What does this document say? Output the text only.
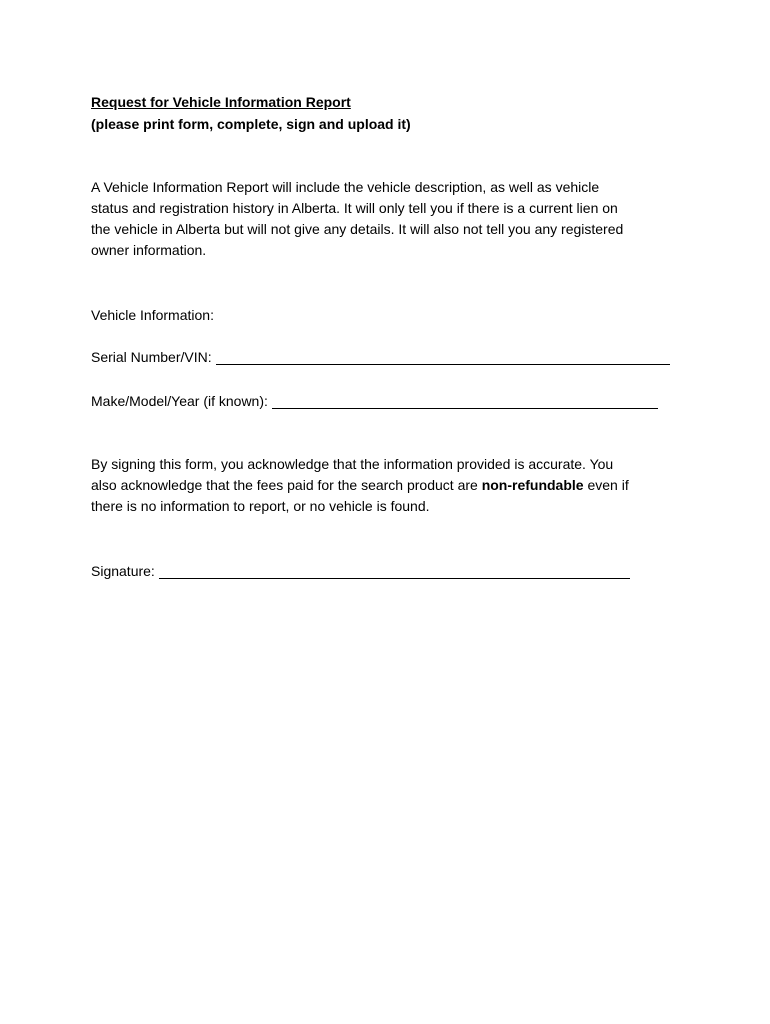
Request for Vehicle Information Report
(please print form, complete, sign and upload it)
A Vehicle Information Report will include the vehicle description, as well as vehicle
status and registration history in Alberta. It will only tell you if there is a current lien on
the vehicle in Alberta but will not give any details. It will also not tell you any registered
owner information.
Vehicle Information:
Serial Number/VIN:
Make/Model/Year (if known):
By signing this form, you acknowledge that the information provided is accurate. You
also acknowledge that the fees paid for the search product are non-refundable even if
there is no information to report, or no vehicle is found.
Signature:
